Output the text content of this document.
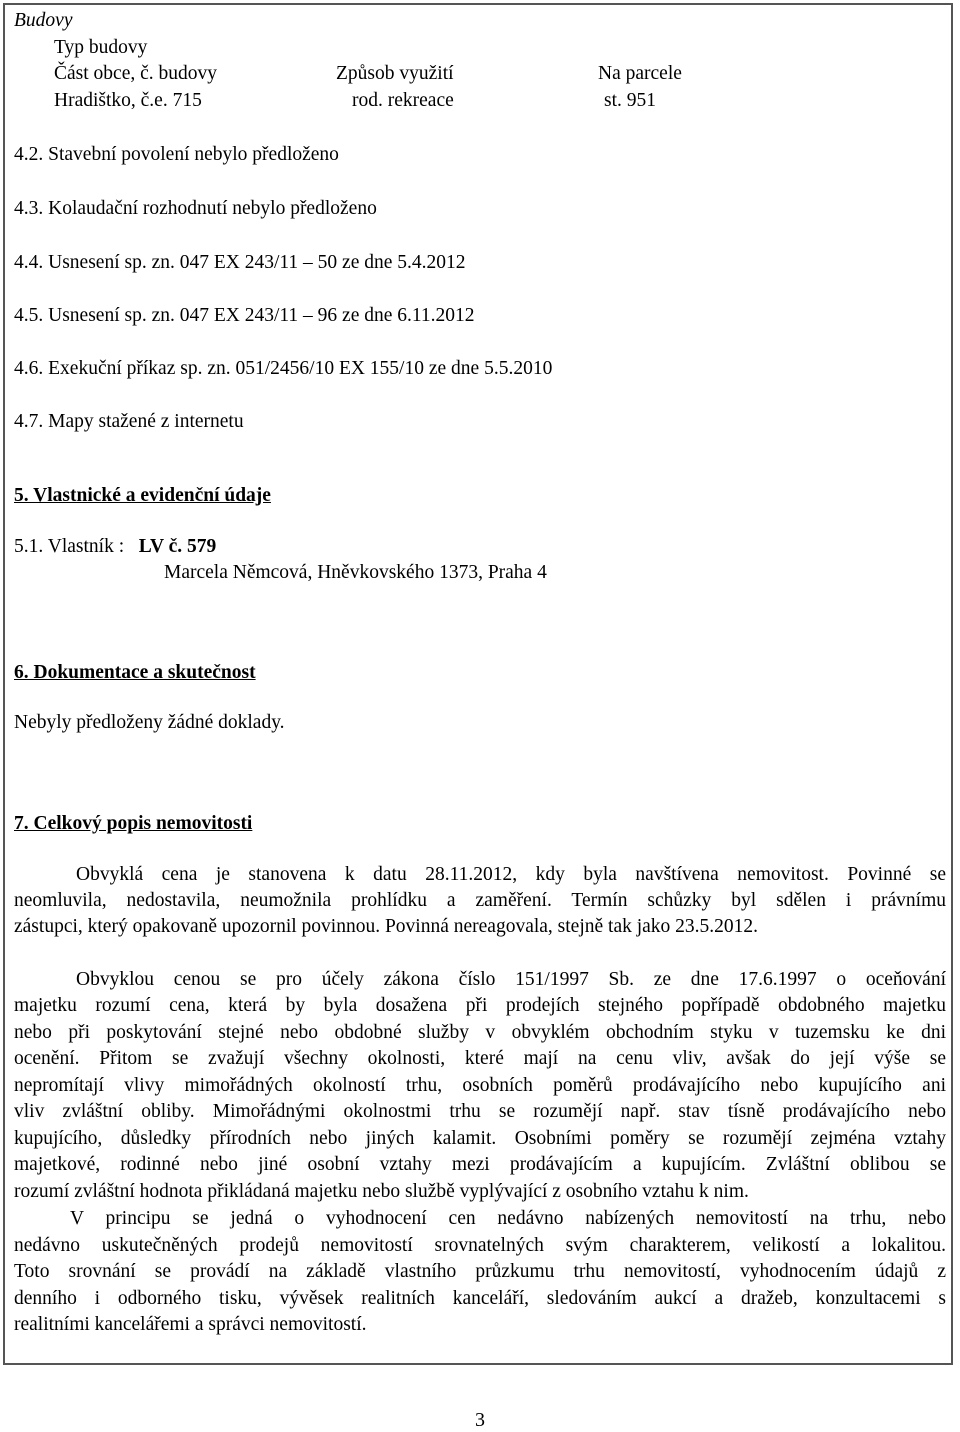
Budovy
Typ budovy
Část obce, č. budovy	Způsob využití	Na parcele
Hradištko, č.e. 715	rod. rekreace	st. 951
4.2. Stavební povolení nebylo předloženo
4.3. Kolaudační rozhodnutí nebylo předloženo
4.4. Usnesení sp. zn. 047 EX 243/11 – 50 ze dne 5.4.2012
4.5. Usnesení sp. zn. 047 EX 243/11 – 96 ze dne 6.11.2012
4.6. Exekuční příkaz sp. zn. 051/2456/10 EX 155/10 ze dne 5.5.2010
4.7. Mapy stažené z internetu
5. Vlastnické a evidenční údaje
5.1. Vlastník : LV č. 579
Marcela Němcová, Hněvkovského 1373, Praha 4
6. Dokumentace a skutečnost
Nebyly předloženy žádné doklady.
7. Celkový popis nemovitosti
Obvyklá cena je stanovena k datu 28.11.2012, kdy byla navštívena nemovitost. Povinné se
neomluvila, nedostavila, neumožnila prohlídku a zaměření. Termín schůzky byl sdělen i právnímu
zástupci, který opakovaně upozornil povinnou. Povinná nereagovala, stejně tak jako 23.5.2012.
Obvyklou cenou se pro účely zákona číslo 151/1997 Sb. ze dne 17.6.1997 o oceňování
majetku rozumí cena, která by byla dosažena při prodejích stejného popřípadě obdobného majetku
nebo při poskytování stejné nebo obdobné služby v obvyklém obchodním styku v tuzemsku ke dni
ocenění. Přitom se zvažují všechny okolnosti, které mají na cenu vliv, avšak do její výše se
nepromítají vlivy mimořádných okolností trhu, osobních poměrů prodávajícího nebo kupujícího ani
vliv zvláštní obliby. Mimořádnými okolnostmi trhu se rozumějí např. stav tísně prodávajícího nebo
kupujícího, důsledky přírodních nebo jiných kalamit. Osobními poměry se rozumějí zejména vztahy
majetkové, rodinné nebo jiné osobní vztahy mezi prodávajícím a kupujícím. Zvláštní oblibou se
rozumí zvláštní hodnota přikládaná majetku nebo službě vyplývající z osobního vztahu k nim.
V principu se jedná o vyhodnocení cen nedávno nabízených nemovitostí na trhu, nebo
nedávno uskutečněných prodejů nemovitostí srovnatelných svým charakterem, velikostí a lokalitou.
Toto srovnání se provádí na základě vlastního průzkumu trhu nemovitostí, vyhodnocením údajů z
denního i odborného tisku, vývěsek realitních kanceláří, sledováním aukcí a dražeb, konzultacemi s
realitními kancelářemi a správci nemovitostí.
3
